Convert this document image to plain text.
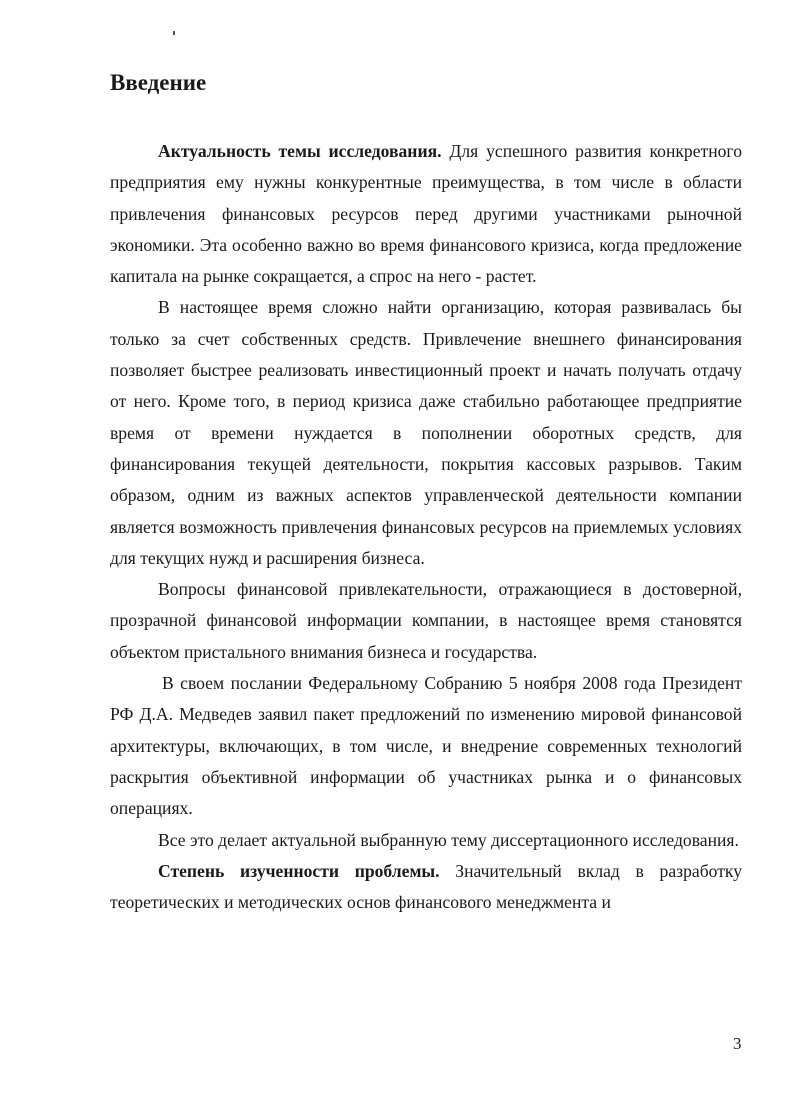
Введение

Актуальность темы исследования. Для успешного развития конкретного предприятия ему нужны конкурентные преимущества, в том числе в области привлечения финансовых ресурсов перед другими участниками рыночной экономики. Эта особенно важно во время финансового кризиса, когда предложение капитала на рынке сокращается, а спрос на него - растет.

В настоящее время сложно найти организацию, которая развивалась бы только за счет собственных средств. Привлечение внешнего финансирования позволяет быстрее реализовать инвестиционный проект и начать получать отдачу от него. Кроме того, в период кризиса даже стабильно работающее предприятие время от времени нуждается в пополнении оборотных средств, для финансирования текущей деятельности, покрытия кассовых разрывов. Таким образом, одним из важных аспектов управленческой деятельности компании является возможность привлечения финансовых ресурсов на приемлемых условиях для текущих нужд и расширения бизнеса.

Вопросы финансовой привлекательности, отражающиеся в достоверной, прозрачной финансовой информации компании, в настоящее время становятся объектом пристального внимания бизнеса и государства.

В своем послании Федеральному Собранию 5 ноября 2008 года Президент РФ Д.А. Медведев заявил пакет предложений по изменению мировой финансовой архитектуры, включающих, в том числе, и внедрение современных технологий раскрытия объективной информации об участниках рынка и о финансовых операциях.

Все это делает актуальной выбранную тему диссертационного исследования.

Степень изученности проблемы. Значительный вклад в разработку теоретических и методических основ финансового менеджмента и

3
